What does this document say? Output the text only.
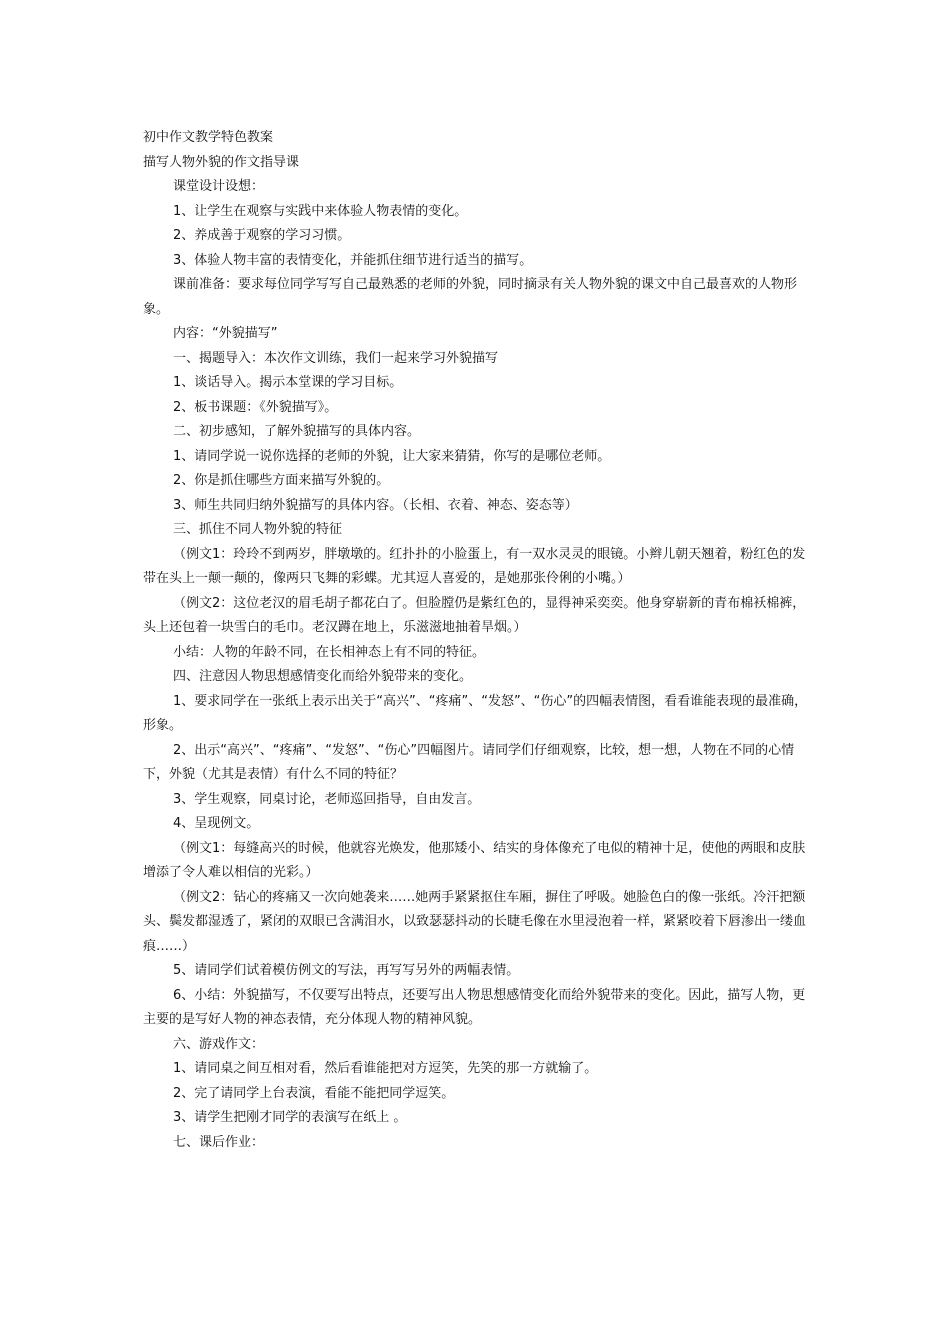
初中作文教学特色教案

描写人物外貌的作文指导课

课堂设计设想：

1、让学生在观察与实践中来体验人物表情的变化。

2、养成善于观察的学习习惯。

3、体验人物丰富的表情变化，并能抓住细节进行适当的描写。

课前准备：要求每位同学写写自己最熟悉的老师的外貌，同时摘录有关人物外貌的课文中自己最喜欢的人物形象。

内容：“外貌描写”

一、揭题导入：本次作文训练，我们一起来学习外貌描写

1、谈话导入。揭示本堂课的学习目标。

2、板书课题：《外貌描写》。

二、初步感知，了解外貌描写的具体内容。

1、请同学说一说你选择的老师的外貌，让大家来猜猜，你写的是哪位老师。

2、你是抓住哪些方面来描写外貌的。

3、师生共同归纳外貌描写的具体内容。（长相、衣着、神态、姿态等）

三、抓住不同人物外貌的特征

（例文1：玲玲不到两岁，胖墩墩的。红扑扑的小脸蛋上，有一双水灵灵的眼镜。小辫儿朝天翘着，粉红色的发带在头上一颠一颠的，像两只飞舞的彩蝶。尤其逗人喜爱的，是她那张伶俐的小嘴。）

（例文2：这位老汉的眉毛胡子都花白了。但脸膛仍是紫红色的，显得神采奕奕。他身穿崭新的青布棉袄棉裤，头上还包着一块雪白的毛巾。老汉蹲在地上，乐滋滋地抽着旱烟。）

小结：人物的年龄不同，在长相神态上有不同的特征。

四、注意因人物思想感情变化而给外貌带来的变化。

1、要求同学在一张纸上表示出关于“高兴”、“疼痛”、“发怒”、“伤心”的四幅表情图，看看谁能表现的最准确，形象。

2、出示“高兴”、“疼痛”、“发怒”、“伤心”四幅图片。请同学们仔细观察，比较，想一想，人物在不同的心情下，外貌（尤其是表情）有什么不同的特征？

3、学生观察，同桌讨论，老师巡回指导，自由发言。

4、呈现例文。

（例文1：每缝高兴的时候，他就容光焕发，他那矮小、结实的身体像充了电似的精神十足，使他的两眼和皮肤增添了令人难以相信的光彩。）

（例文2：钻心的疼痛又一次向她袭来……她两手紧紧抠住车厢，摒住了呼吸。她脸色白的像一张纸。冷汗把额头、鬓发都湿透了，紧闭的双眼已含满泪水，以致瑟瑟抖动的长睫毛像在水里浸泡着一样，紧紧咬着下唇渗出一缕血痕……）

5、请同学们试着模仿例文的写法，再写写另外的两幅表情。

6、小结：外貌描写，不仅要写出特点，还要写出人物思想感情变化而给外貌带来的变化。因此，描写人物，更主要的是写好人物的神态表情，充分体现人物的精神风貌。

六、游戏作文：

1、请同桌之间互相对看，然后看谁能把对方逗笑，先笑的那一方就输了。

2、完了请同学上台表演，看能不能把同学逗笑。

3、请学生把刚才同学的表演写在纸上 。

七、课后作业：
